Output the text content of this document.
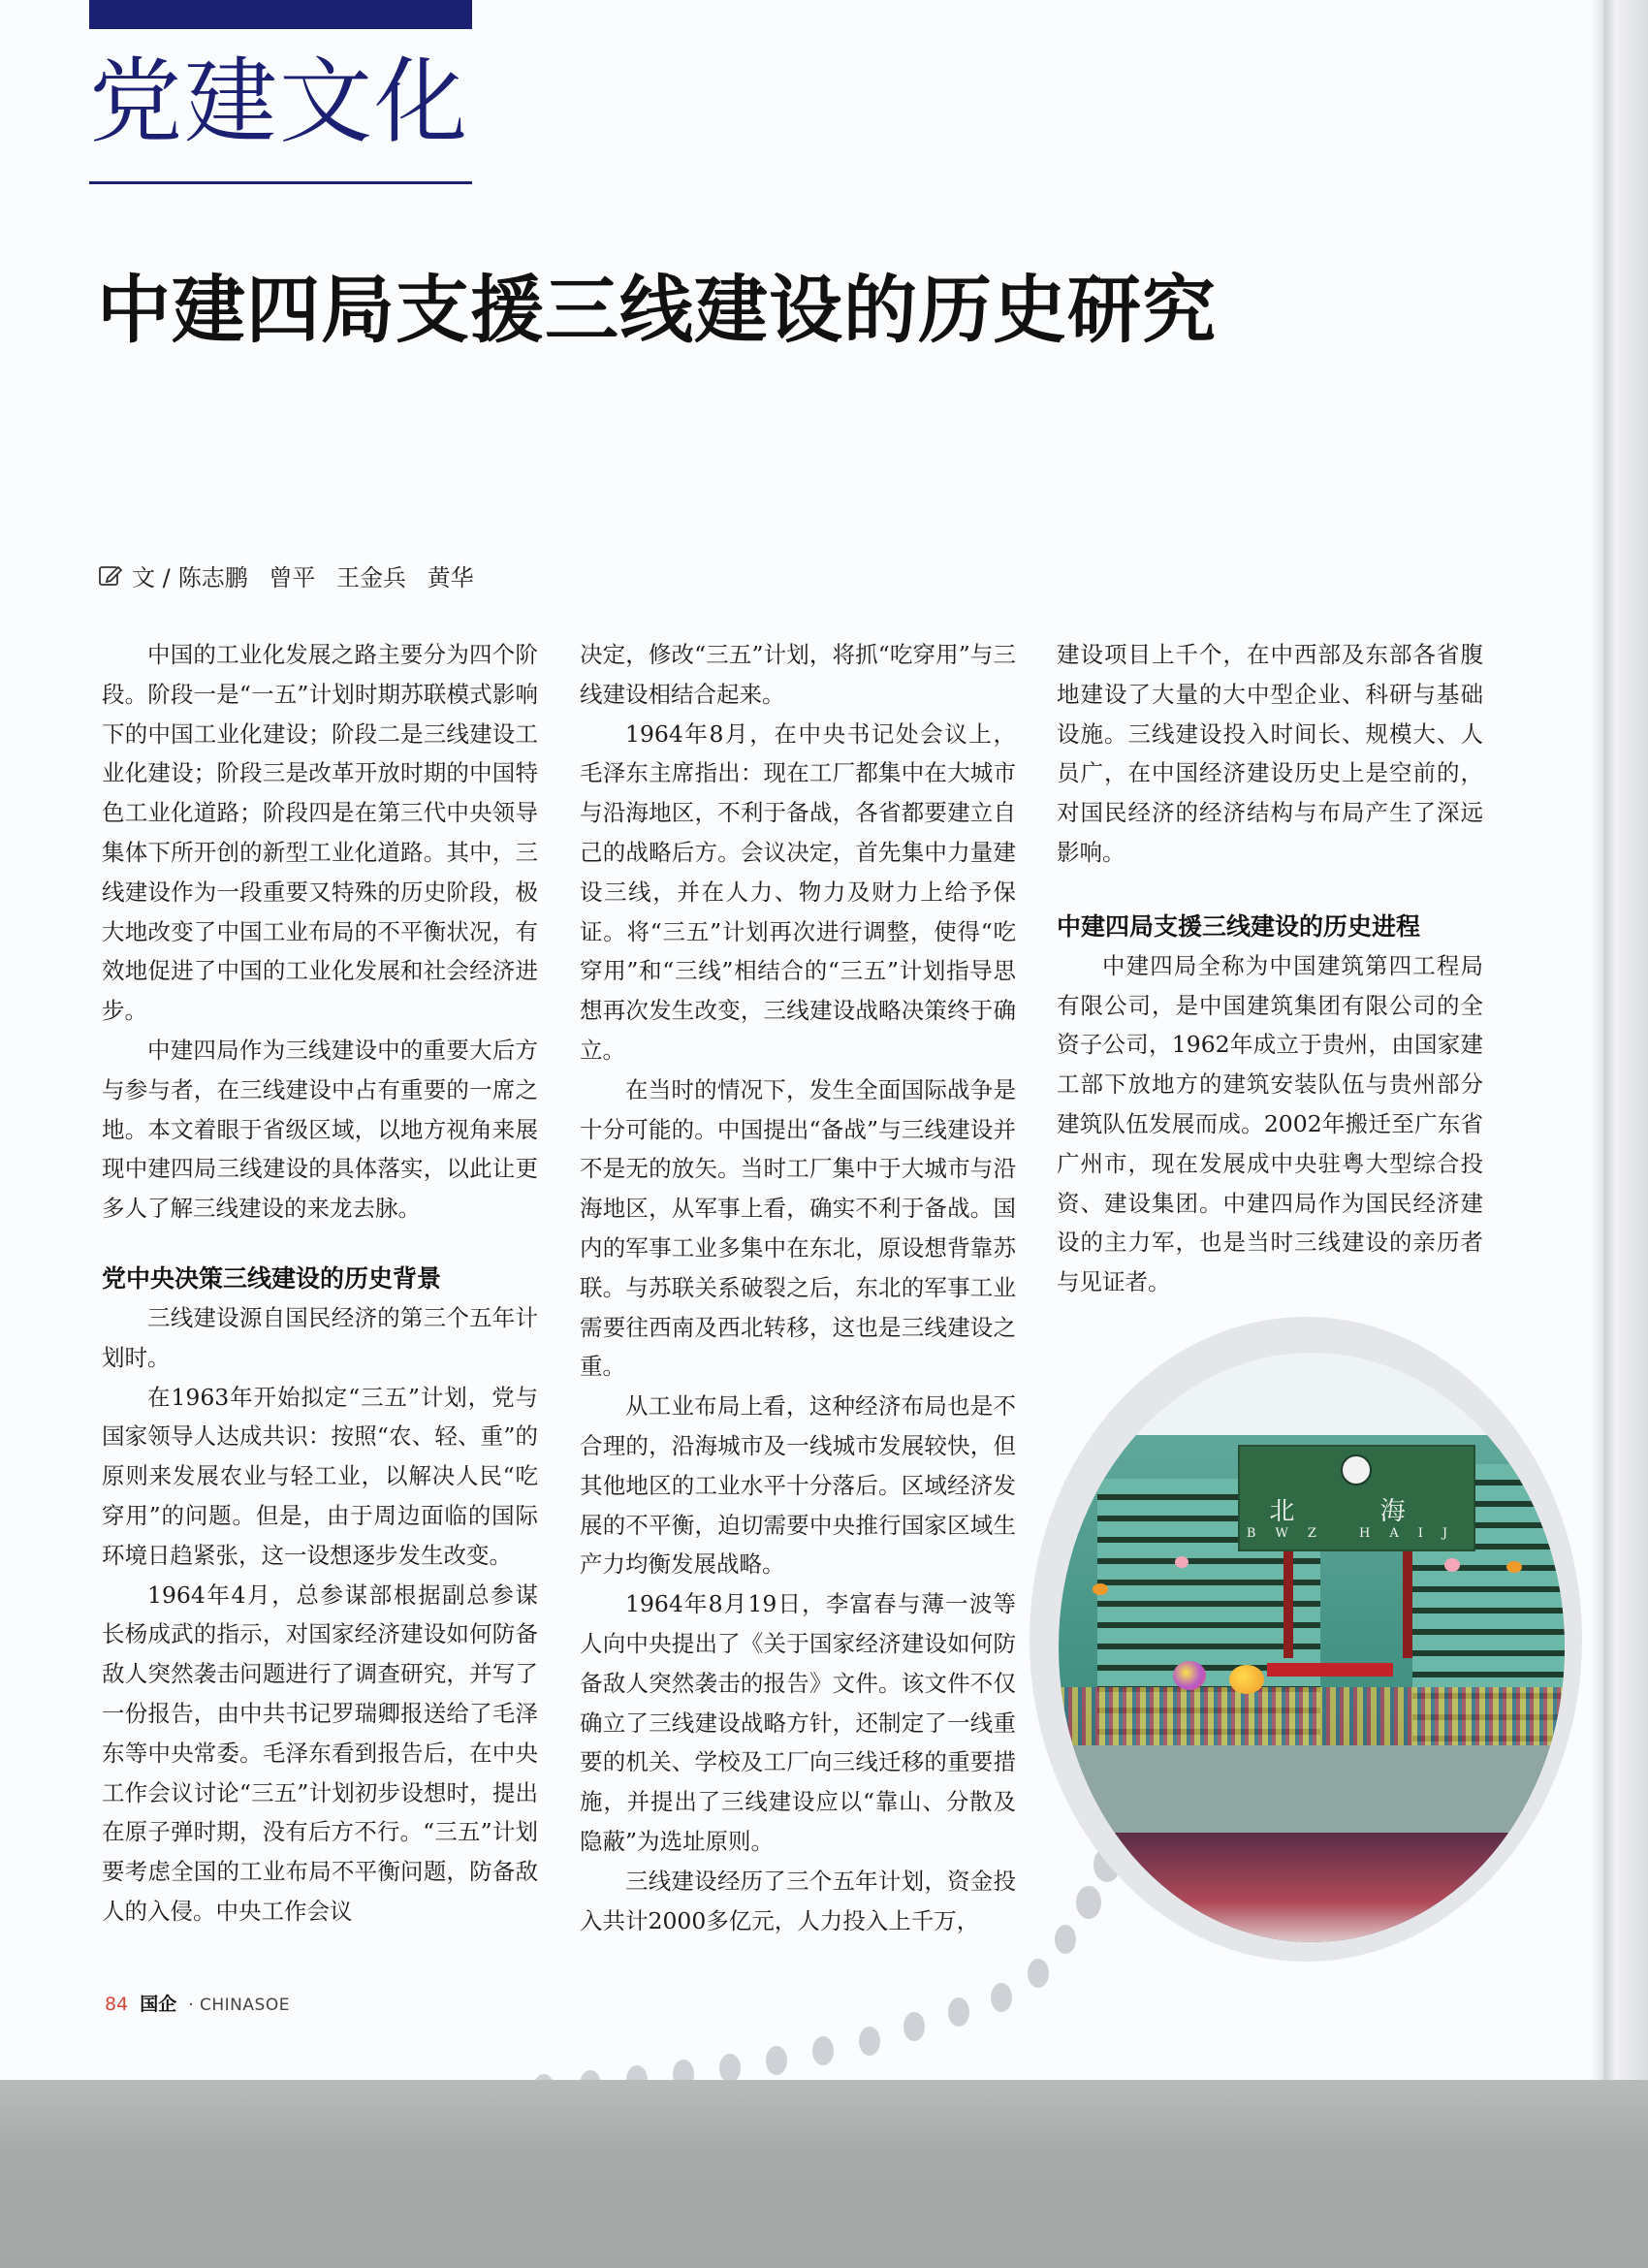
党建文化
中建四局支援三线建设的历史研究
文 / 陈志鹏 曾平 王金兵 黄华

中国的工业化发展之路主要分为四个阶段。阶段一是“一五”计划时期苏联模式影响下的中国工业化建设；阶段二是三线建设工业化建设；阶段三是改革开放时期的中国特色工业化道路；阶段四是在第三代中央领导集体下所开创的新型工业化道路。其中，三线建设作为一段重要又特殊的历史阶段，极大地改变了中国工业布局的不平衡状况，有效地促进了中国的工业化发展和社会经济进步。

中建四局作为三线建设中的重要大后方与参与者，在三线建设中占有重要的一席之地。本文着眼于省级区域，以地方视角来展现中建四局三线建设的具体落实，以此让更多人了解三线建设的来龙去脉。

党中央决策三线建设的历史背景

三线建设源自国民经济的第三个五年计划时。

在1963年开始拟定“三五”计划，党与国家领导人达成共识：按照“农、轻、重”的原则来发展农业与轻工业，以解决人民“吃穿用”的问题。但是，由于周边面临的国际环境日趋紧张，这一设想逐步发生改变。

1964年4月，总参谋部根据副总参谋长杨成武的指示，对国家经济建设如何防备敌人突然袭击问题进行了调查研究，并写了一份报告，由中共书记罗瑞卿报送给了毛泽东等中央常委。毛泽东看到报告后，在中央工作会议讨论“三五”计划初步设想时，提出在原子弹时期，没有后方不行。“三五”计划要考虑全国的工业布局不平衡问题，防备敌人的入侵。中央工作会议

决定，修改“三五”计划，将抓“吃穿用”与三线建设相结合起来。

1964年8月，在中央书记处会议上，毛泽东主席指出：现在工厂都集中在大城市与沿海地区，不利于备战，各省都要建立自己的战略后方。会议决定，首先集中力量建设三线，并在人力、物力及财力上给予保证。将“三五”计划再次进行调整，使得“吃穿用”和“三线”相结合的“三五”计划指导思想再次发生改变，三线建设战略决策终于确立。

在当时的情况下，发生全面国际战争是十分可能的。中国提出“备战”与三线建设并不是无的放矢。当时工厂集中于大城市与沿海地区，从军事上看，确实不利于备战。国内的军事工业多集中在东北，原设想背靠苏联。与苏联关系破裂之后，东北的军事工业需要往西南及西北转移，这也是三线建设之重。

从工业布局上看，这种经济布局也是不合理的，沿海城市及一线城市发展较快，但其他地区的工业水平十分落后。区域经济发展的不平衡，迫切需要中央推行国家区域生产力均衡发展战略。

1964年8月19日，李富春与薄一波等人向中央提出了《关于国家经济建设如何防备敌人突然袭击的报告》文件。该文件不仅确立了三线建设战略方针，还制定了一线重要的机关、学校及工厂向三线迁移的重要措施，并提出了三线建设应以“靠山、分散及隐蔽”为选址原则。

三线建设经历了三个五年计划，资金投入共计2000多亿元，人力投入上千万，

建设项目上千个，在中西部及东部各省腹地建设了大量的大中型企业、科研与基础设施。三线建设投入时间长、规模大、人员广，在中国经济建设历史上是空前的，对国民经济的经济结构与布局产生了深远影响。

中建四局支援三线建设的历史进程

中建四局全称为中国建筑第四工程局有限公司，是中国建筑集团有限公司的全资子公司，1962年成立于贵州，由国家建工部下放地方的建筑安装队伍与贵州部分建筑队伍发展而成。2002年搬迁至广东省广州市，现在发展成中央驻粤大型综合投资、建设集团。中建四局作为国民经济建设的主力军，也是当时三线建设的亲历者与见证者。

北 海
BWZ HAIJ
84 国企 · CHINASOE
